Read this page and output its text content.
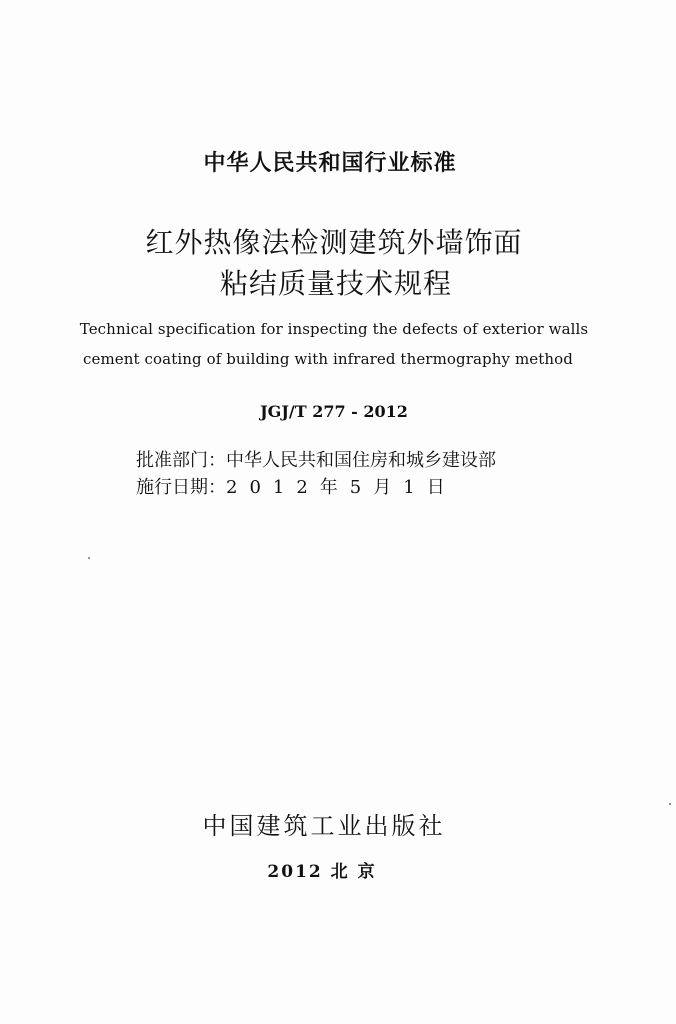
中华人民共和国行业标准
红外热像法检测建筑外墙饰面
粘结质量技术规程
Technical specification for inspecting the defects of exterior walls
cement coating of building with infrared thermography method
JGJ/T 277 - 2012
批准部门：中华人民共和国住房和城乡建设部
施行日期：2012年5月1日
中国建筑工业出版社
2012 北 京
